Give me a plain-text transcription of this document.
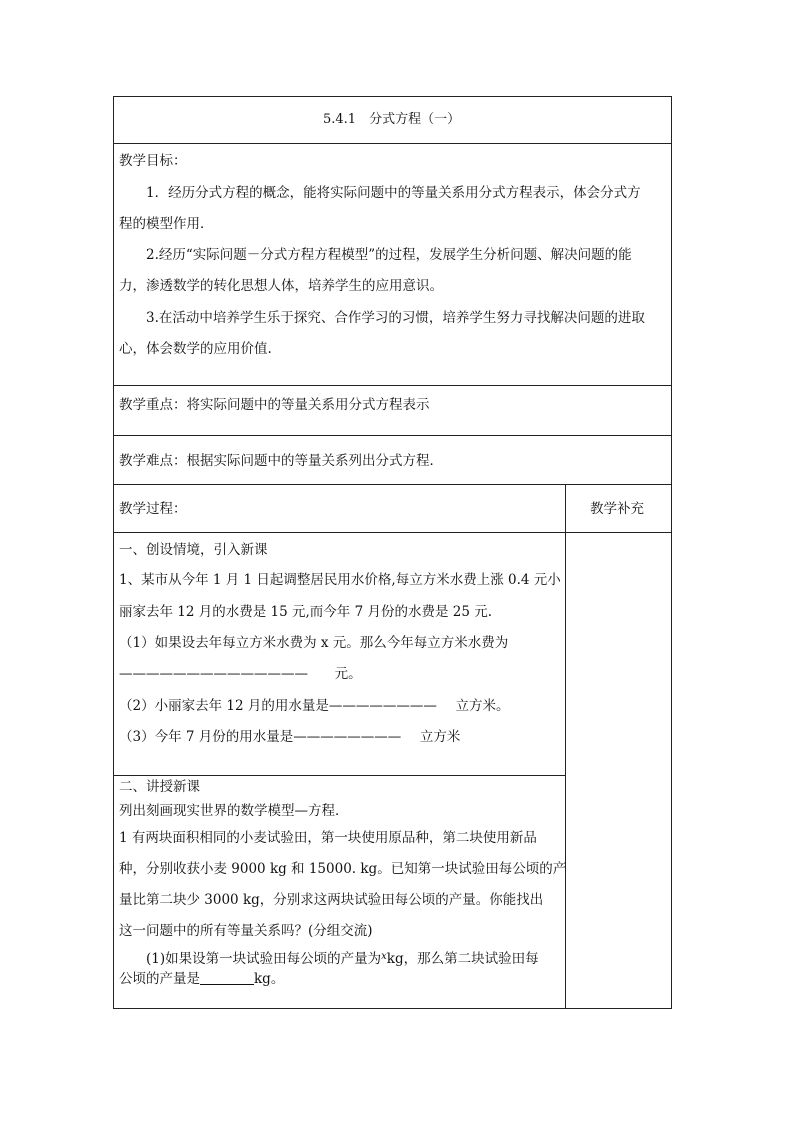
5.4.1　分式方程（一）
教学目标：
1．经历分式方程的概念，能将实际问题中的等量关系用分式方程表示，体会分式方
程的模型作用．
2.经历“实际问题－分式方程方程模型”的过程，发展学生分析问题、解决问题的能
力，渗透数学的转化思想人体，培养学生的应用意识。
3.在活动中培养学生乐于探究、合作学习的习惯，培养学生努力寻找解决问题的进取
心，体会数学的应用价值.
教学重点：将实际问题中的等量关系用分式方程表示
教学难点：根据实际问题中的等量关系列出分式方程．
教学过程：	教学补充
一、创设情境，引入新课
1、某市从今年 1 月 1 日起调整居民用水价格,每立方米水费上涨 0.4 元小
丽家去年 12 月的水费是 15 元,而今年 7 月份的水费是 25 元.
（1）如果设去年每立方米水费为 x 元。那么今年每立方米水费为
—————————————— 元。
（2）小丽家去年 12 月的用水量是———————— 立方米。
（3）今年 7 月份的用水量是———————— 立方米
二、讲授新课
列出刻画现实世界的数学模型—方程．
1 有两块面积相同的小麦试验田，第一块使用原品种，第二块使用新品
种，分别收获小麦 9000 kg 和 15000. kg。已知第一块试验田每公顷的产
量比第二块少 3000 kg，分别求这两块试验田每公顷的产量。你能找出
这一问题中的所有等量关系吗？(分组交流)
(1)如果设第一块试验田每公顷的产量为$^x$kg，那么第二块试验田每
公顷的产量是	kg。
